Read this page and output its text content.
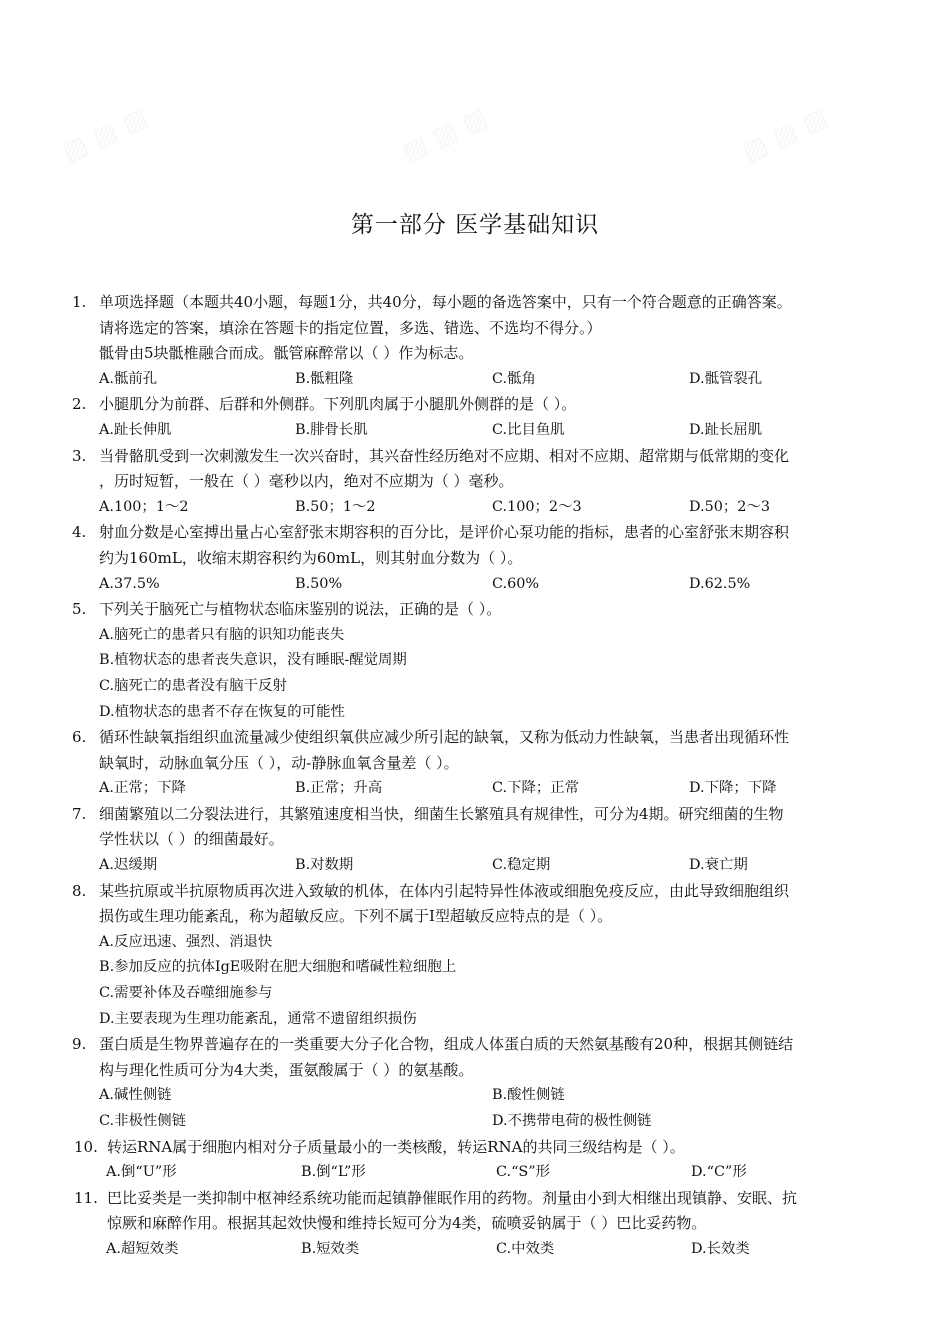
第一部分 医学基础知识
1. 单项选择题（本题共40小题，每题1分，共40分，每小题的备选答案中，只有一个符合题意的正确答案。
请将选定的答案，填涂在答题卡的指定位置，多选、错选、不选均不得分。）
骶骨由5块骶椎融合而成。骶管麻醉常以（ ）作为标志。
A.骶前孔	B.骶粗隆	C.骶角	D.骶管裂孔
2. 小腿肌分为前群、后群和外侧群。下列肌肉属于小腿肌外侧群的是（ ）。
A.趾长伸肌	B.腓骨长肌	C.比目鱼肌	D.趾长屈肌
3. 当骨骼肌受到一次刺激发生一次兴奋时，其兴奋性经历绝对不应期、相对不应期、超常期与低常期的变化
，历时短暂，一般在（ ）毫秒以内，绝对不应期为（ ）毫秒。
A.100；1～2	B.50；1～2	C.100；2～3	D.50；2～3
4. 射血分数是心室搏出量占心室舒张末期容积的百分比，是评价心泵功能的指标，患者的心室舒张末期容积
约为160mL，收缩末期容积约为60mL，则其射血分数为（ ）。
A.37.5%	B.50%	C.60%	D.62.5%
5. 下列关于脑死亡与植物状态临床鉴别的说法，正确的是（ ）。
A.脑死亡的患者只有脑的识知功能丧失
B.植物状态的患者丧失意识，没有睡眠-醒觉周期
C.脑死亡的患者没有脑干反射
D.植物状态的患者不存在恢复的可能性
6. 循环性缺氧指组织血流量减少使组织氧供应减少所引起的缺氧，又称为低动力性缺氧，当患者出现循环性
缺氧时，动脉血氧分压（ ），动-静脉血氧含量差（ ）。
A.正常；下降	B.正常；升高	C.下降；正常	D.下降；下降
7. 细菌繁殖以二分裂法进行，其繁殖速度相当快，细菌生长繁殖具有规律性，可分为4期。研究细菌的生物
学性状以（ ）的细菌最好。
A.迟缓期	B.对数期	C.稳定期	D.衰亡期
8. 某些抗原或半抗原物质再次进入致敏的机体，在体内引起特异性体液或细胞免疫反应，由此导致细胞组织
损伤或生理功能紊乱，称为超敏反应。下列不属于Ⅰ型超敏反应特点的是（ ）。
A.反应迅速、强烈、消退快
B.参加反应的抗体IgE吸附在肥大细胞和嗜碱性粒细胞上
C.需要补体及吞噬细施参与
D.主要表现为生理功能紊乱，通常不遗留组织损伤
9. 蛋白质是生物界普遍存在的一类重要大分子化合物，组成人体蛋白质的天然氨基酸有20种，根据其侧链结
构与理化性质可分为4大类，蛋氨酸属于（ ）的氨基酸。
A.碱性侧链	B.酸性侧链
C.非极性侧链	D.不携带电荷的极性侧链
10. 转运RNA属于细胞内相对分子质量最小的一类核酸，转运RNA的共同三级结构是（ ）。
A.倒“U”形	B.倒“L”形	C.“S”形	D.“C”形
11. 巴比妥类是一类抑制中枢神经系统功能而起镇静催眠作用的药物。剂量由小到大相继出现镇静、安眠、抗
惊厥和麻醉作用。根据其起效快慢和维持长短可分为4类，硫喷妥钠属于（ ）巴比妥药物。
A.超短效类	B.短效类	C.中效类	D.长效类
